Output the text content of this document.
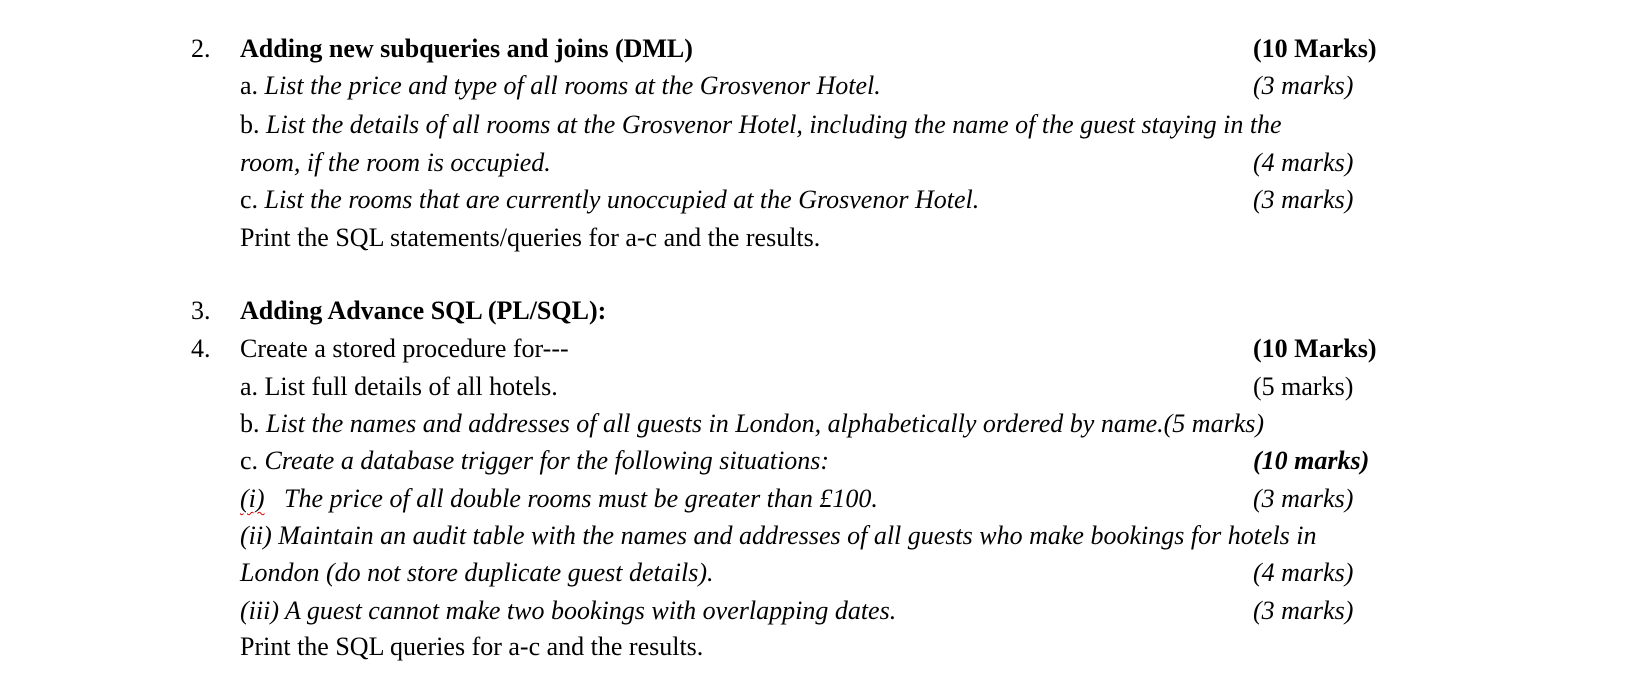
2. Adding new subqueries and joins (DML)	(10 Marks)
a. List the price and type of all rooms at the Grosvenor Hotel.	(3 marks)
b. List the details of all rooms at the Grosvenor Hotel, including the name of the guest staying in the
room, if the room is occupied.	(4 marks)
c. List the rooms that are currently unoccupied at the Grosvenor Hotel.	(3 marks)
Print the SQL statements/queries for a-c and the results.
3. Adding Advance SQL (PL/SQL):
4. Create a stored procedure for---	(10 Marks)
a. List full details of all hotels.	(5 marks)
b. List the names and addresses of all guests in London, alphabetically ordered by name.(5 marks)
c. Create a database trigger for the following situations:	(10 marks)
(i) The price of all double rooms must be greater than £100.	(3 marks)
(ii) Maintain an audit table with the names and addresses of all guests who make bookings for hotels in
London (do not store duplicate guest details).	(4 marks)
(iii) A guest cannot make two bookings with overlapping dates.	(3 marks)
Print the SQL queries for a-c and the results.
